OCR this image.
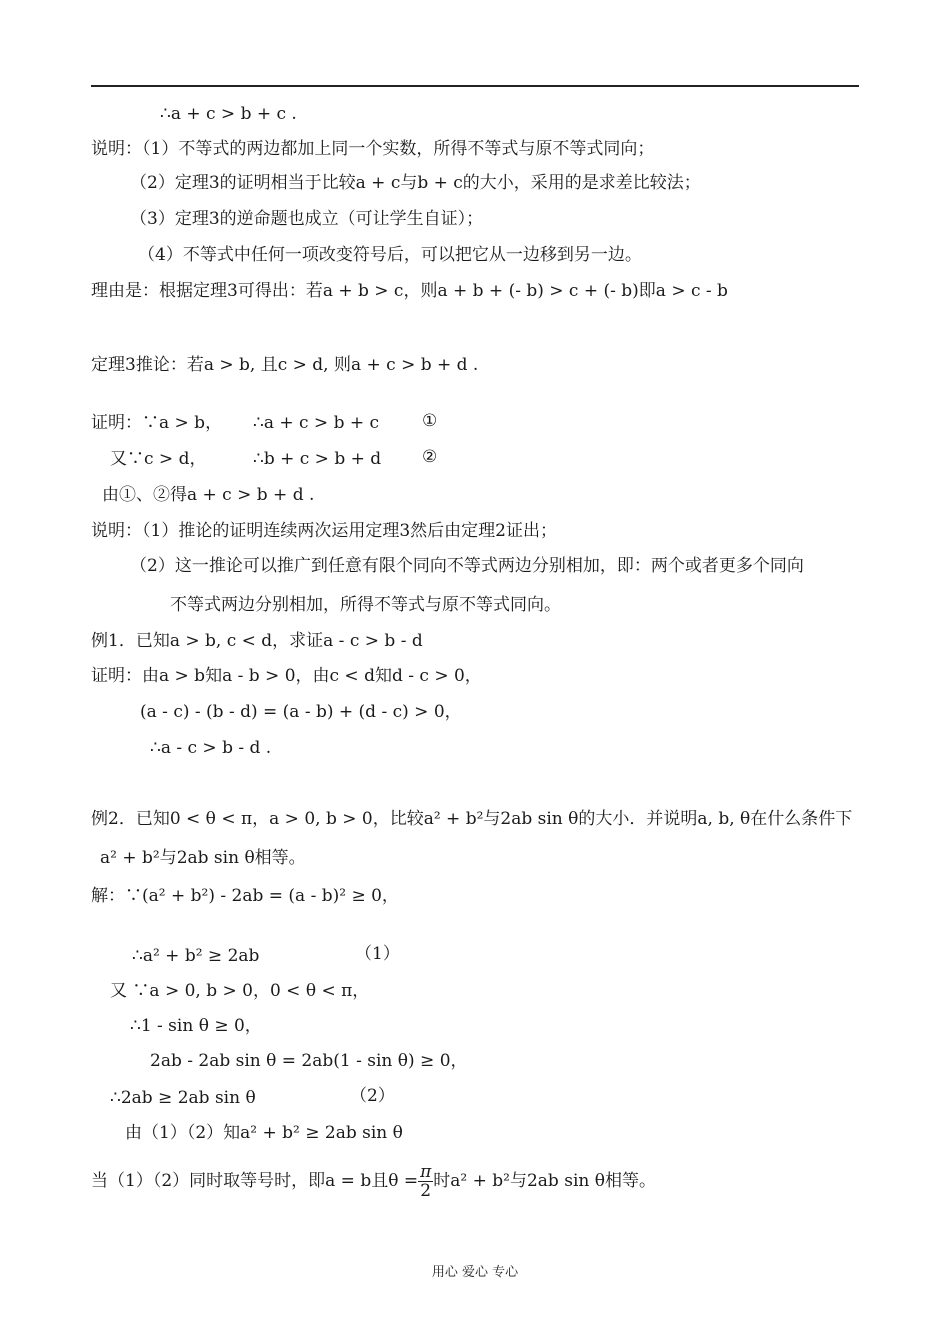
∴a + c > b + c .
说明：（1）不等式的两边都加上同一个实数，所得不等式与原不等式同向；
（2）定理3的证明相当于比较a + c与b + c的大小，采用的是求差比较法；
（3）定理3的逆命题也成立（可让学生自证）；
（4）不等式中任何一项改变符号后，可以把它从一边移到另一边。
理由是：根据定理3可得出：若a + b > c，则a + b + (- b) > c + (- b)即a > c - b
定理3推论：若a > b, 且c > d, 则a + c > b + d .
证明：∵a > b， ∴a + c > b + c	①
又∵c > d，	∴b + c > b + d ②
由①、②得a + c > b + d .
说明：（1）推论的证明连续两次运用定理3然后由定理2证出；
（2）这一推论可以推广到任意有限个同向不等式两边分别相加，即：两个或者更多个同向
不等式两边分别相加，所得不等式与原不等式同向。
例1．已知a > b, c < d，求证a - c > b - d
证明：由a > b知a - b > 0，由c < d知d - c > 0，
(a - c) - (b - d) = (a - b) + (d - c) > 0，
∴a - c > b - d .
例2．已知0 < θ < π，a > 0, b > 0，比较a² + b²与2ab sin θ的大小．并说明a, b, θ在什么条件下
a² + b²与2ab sin θ相等。
解：∵(a² + b²) - 2ab = (a - b)² ≥ 0，
∴a² + b² ≥ 2ab	（1）
又 ∵a > 0, b > 0，0 < θ < π，
∴1 - sin θ ≥ 0，
2ab - 2ab sin θ = 2ab(1 - sin θ) ≥ 0，
∴2ab ≥ 2ab sin θ	（2）
由（1）（2）知a² + b² ≥ 2ab sin θ
当（1）（2）同时取等号时，即a = b且$\theta = \frac{\pi}{2}$ 时a² + b²与2ab sin θ相等。
用心 爱心 专心
